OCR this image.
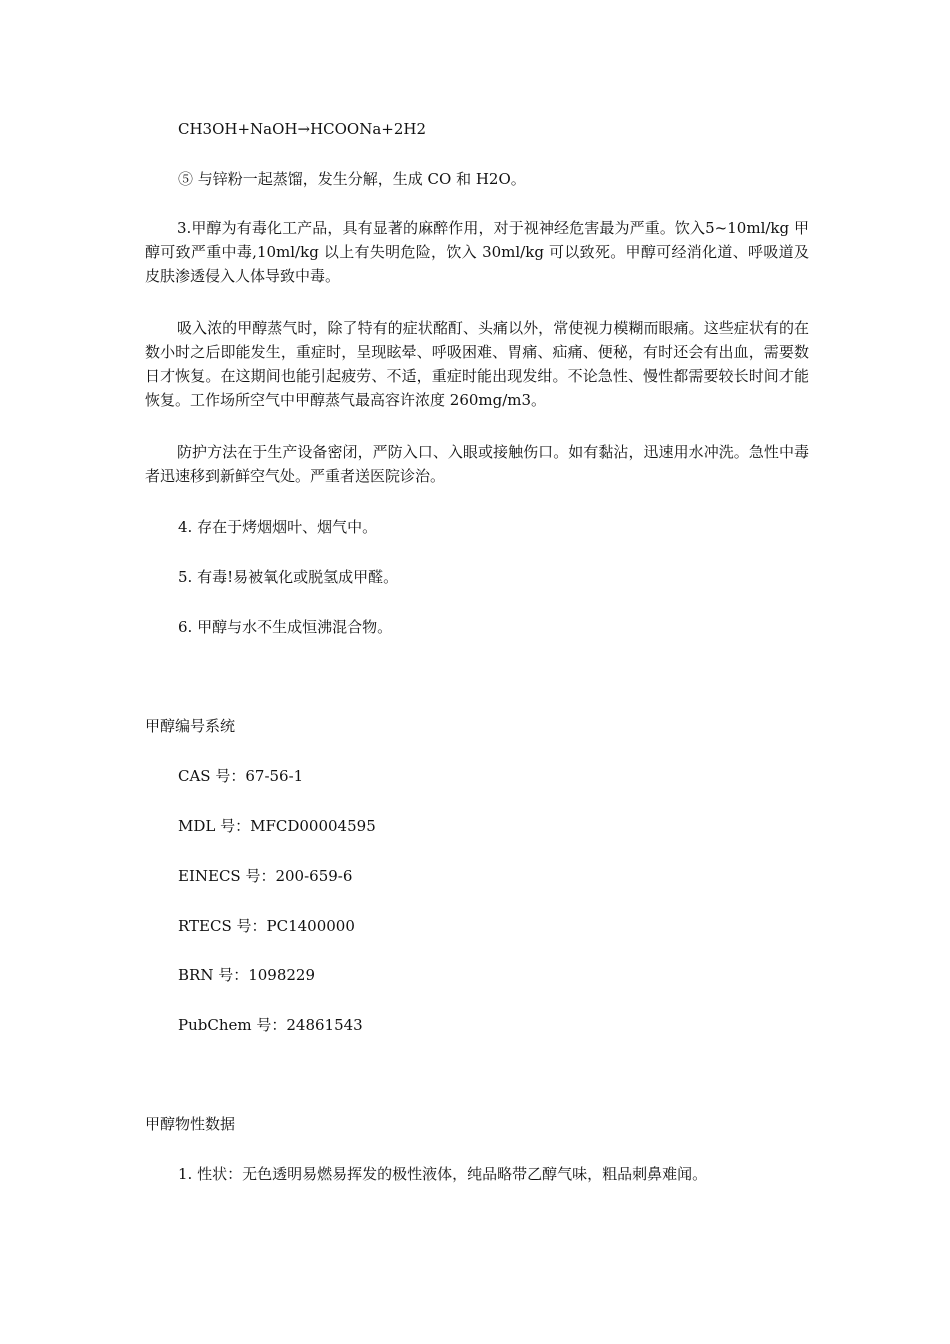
CH3OH+NaOH→HCOONa+2H2

⑤ 与锌粉一起蒸馏，发生分解，生成 CO 和 H2O。

3.甲醇为有毒化工产品，具有显著的麻醉作用，对于视神经危害最为严重。饮入5~10ml/kg 甲醇可致严重中毒,10ml/kg 以上有失明危险，饮入 30ml/kg 可以致死。甲醇可经消化道、呼吸道及皮肤渗透侵入人体导致中毒。

吸入浓的甲醇蒸气时，除了特有的症状酩酊、头痛以外，常使视力模糊而眼痛。这些症状有的在数小时之后即能发生，重症时，呈现眩晕、呼吸困难、胃痛、疝痛、便秘，有时还会有出血，需要数日才恢复。在这期间也能引起疲劳、不适，重症时能出现发绀。不论急性、慢性都需要较长时间才能恢复。工作场所空气中甲醇蒸气最高容许浓度 260mg/m3。

防护方法在于生产设备密闭，严防入口、入眼或接触伤口。如有黏沾，迅速用水冲洗。急性中毒者迅速移到新鲜空气处。严重者送医院诊治。

4. 存在于烤烟烟叶、烟气中。

5. 有毒!易被氧化或脱氢成甲醛。

6. 甲醇与水不生成恒沸混合物。

甲醇编号系统

CAS 号：67-56-1

MDL 号：MFCD00004595

EINECS 号：200-659-6

RTECS 号：PC1400000

BRN 号：1098229

PubChem 号：24861543

甲醇物性数据

1. 性状：无色透明易燃易挥发的极性液体，纯品略带乙醇气味，粗品刺鼻难闻。
